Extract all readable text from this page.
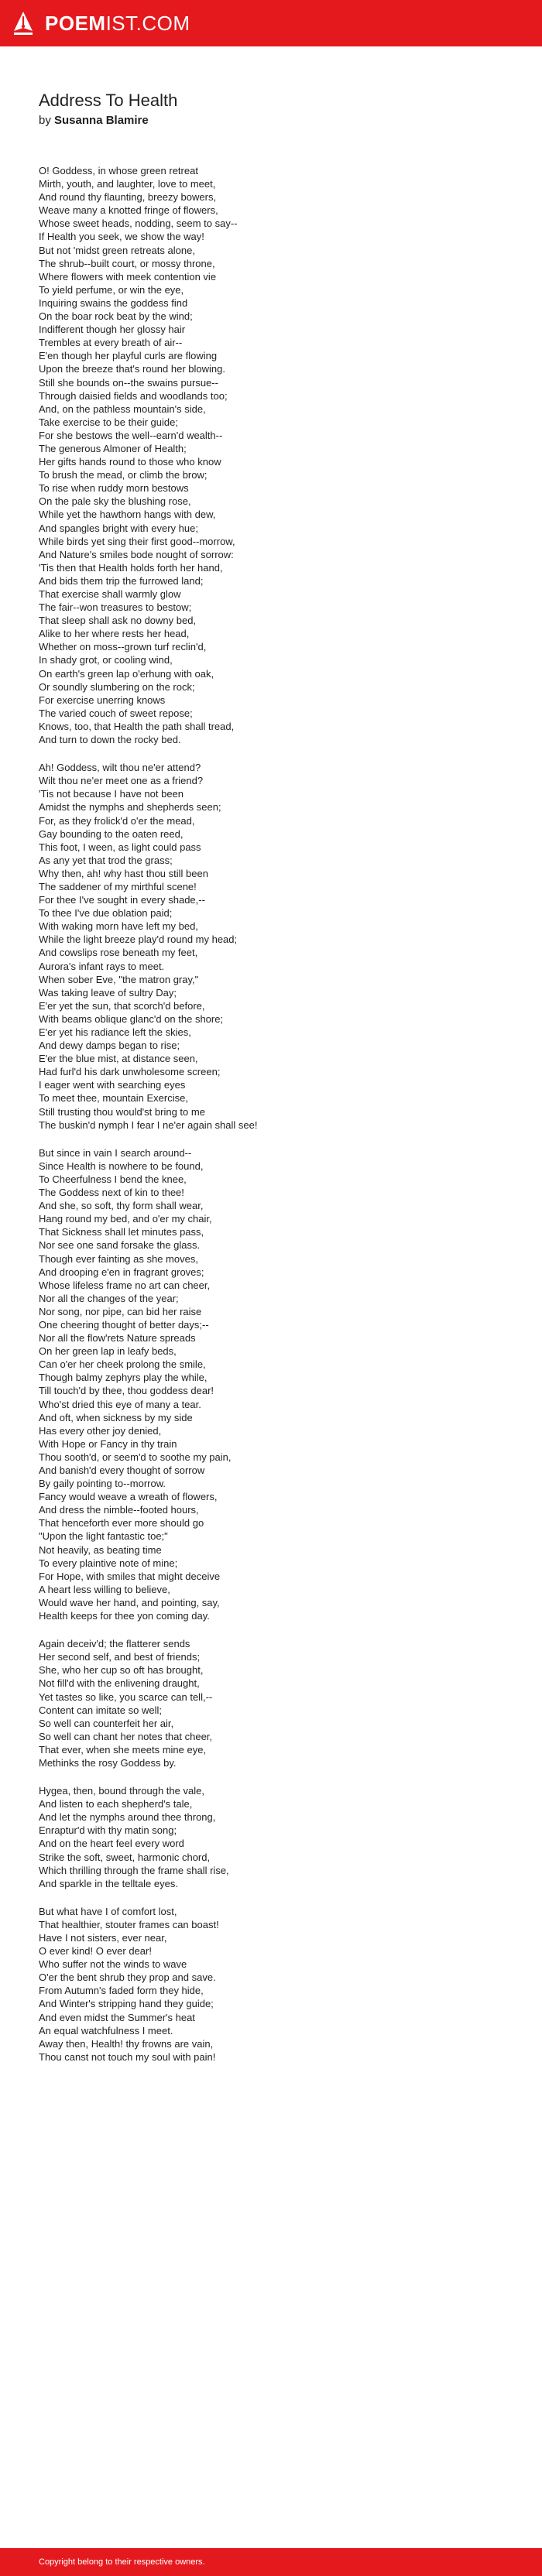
POEMIST.COM
Address To Health
by Susanna Blamire
O! Goddess, in whose green retreat
Mirth, youth, and laughter, love to meet,
And round thy flaunting, breezy bowers,
Weave many a knotted fringe of flowers,
Whose sweet heads, nodding, seem to say--
If Health you seek, we show the way!
But not 'midst green retreats alone,
The shrub--built court, or mossy throne,
Where flowers with meek contention vie
To yield perfume, or win the eye,
Inquiring swains the goddess find
On the boar rock beat by the wind;
Indifferent though her glossy hair
Trembles at every breath of air--
E'en though her playful curls are flowing
Upon the breeze that's round her blowing.
Still she bounds on--the swains pursue--
Through daisied fields and woodlands too;
And, on the pathless mountain's side,
Take exercise to be their guide;
For she bestows the well--earn'd wealth--
The generous Almoner of Health;
Her gifts hands round to those who know
To brush the mead, or climb the brow;
To rise when ruddy morn bestows
On the pale sky the blushing rose,
While yet the hawthorn hangs with dew,
And spangles bright with every hue;
While birds yet sing their first good--morrow,
And Nature's smiles bode nought of sorrow:
'Tis then that Health holds forth her hand,
And bids them trip the furrowed land;
That exercise shall warmly glow
The fair--won treasures to bestow;
That sleep shall ask no downy bed,
Alike to her where rests her head,
Whether on moss--grown turf reclin'd,
In shady grot, or cooling wind,
On earth's green lap o'erhung with oak,
Or soundly slumbering on the rock;
For exercise unerring knows
The varied couch of sweet repose;
Knows, too, that Health the path shall tread,
And turn to down the rocky bed.
Ah! Goddess, wilt thou ne'er attend?
Wilt thou ne'er meet one as a friend?
'Tis not because I have not been
Amidst the nymphs and shepherds seen;
For, as they frolick'd o'er the mead,
Gay bounding to the oaten reed,
This foot, I ween, as light could pass
As any yet that trod the grass;
Why then, ah! why hast thou still been
The saddener of my mirthful scene!
For thee I've sought in every shade,--
To thee I've due oblation paid;
With waking morn have left my bed,
While the light breeze play'd round my head;
And cowslips rose beneath my feet,
Aurora's infant rays to meet.
When sober Eve, "the matron gray,"
Was taking leave of sultry Day;
E'er yet the sun, that scorch'd before,
With beams oblique glanc'd on the shore;
E'er yet his radiance left the skies,
And dewy damps began to rise;
E'er the blue mist, at distance seen,
Had furl'd his dark unwholesome screen;
I eager went with searching eyes
To meet thee, mountain Exercise,
Still trusting thou would'st bring to me
The buskin'd nymph I fear I ne'er again shall see!
But since in vain I search around--
Since Health is nowhere to be found,
To Cheerfulness I bend the knee,
The Goddess next of kin to thee!
And she, so soft, thy form shall wear,
Hang round my bed, and o'er my chair,
That Sickness shall let minutes pass,
Nor see one sand forsake the glass.
Though ever fainting as she moves,
And drooping e'en in fragrant groves;
Whose lifeless frame no art can cheer,
Nor all the changes of the year;
Nor song, nor pipe, can bid her raise
One cheering thought of better days;--
Nor all the flow'rets Nature spreads
On her green lap in leafy beds,
Can o'er her cheek prolong the smile,
Though balmy zephyrs play the while,
Till touch'd by thee, thou goddess dear!
Who'st dried this eye of many a tear.
And oft, when sickness by my side
Has every other joy denied,
With Hope or Fancy in thy train
Thou sooth'd, or seem'd to soothe my pain,
And banish'd every thought of sorrow
By gaily pointing to--morrow.
Fancy would weave a wreath of flowers,
And dress the nimble--footed hours,
That henceforth ever more should go
"Upon the light fantastic toe;"
Not heavily, as beating time
To every plaintive note of mine;
For Hope, with smiles that might deceive
A heart less willing to believe,
Would wave her hand, and pointing, say,
Health keeps for thee yon coming day.
Again deceiv'd; the flatterer sends
Her second self, and best of friends;
She, who her cup so oft has brought,
Not fill'd with the enlivening draught,
Yet tastes so like, you scarce can tell,--
Content can imitate so well;
So well can counterfeit her air,
So well can chant her notes that cheer,
That ever, when she meets mine eye,
Methinks the rosy Goddess by.
Hygea, then, bound through the vale,
And listen to each shepherd's tale,
And let the nymphs around thee throng,
Enraptur'd with thy matin song;
And on the heart feel every word
Strike the soft, sweet, harmonic chord,
Which thrilling through the frame shall rise,
And sparkle in the telltale eyes.
But what have I of comfort lost,
That healthier, stouter frames can boast!
Have I not sisters, ever near,
O ever kind! O ever dear!
Who suffer not the winds to wave
O'er the bent shrub they prop and save.
From Autumn's faded form they hide,
And Winter's stripping hand they guide;
And even midst the Summer's heat
An equal watchfulness I meet.
Away then, Health! thy frowns are vain,
Thou canst not touch my soul with pain!
Copyright belong to their respective owners.
